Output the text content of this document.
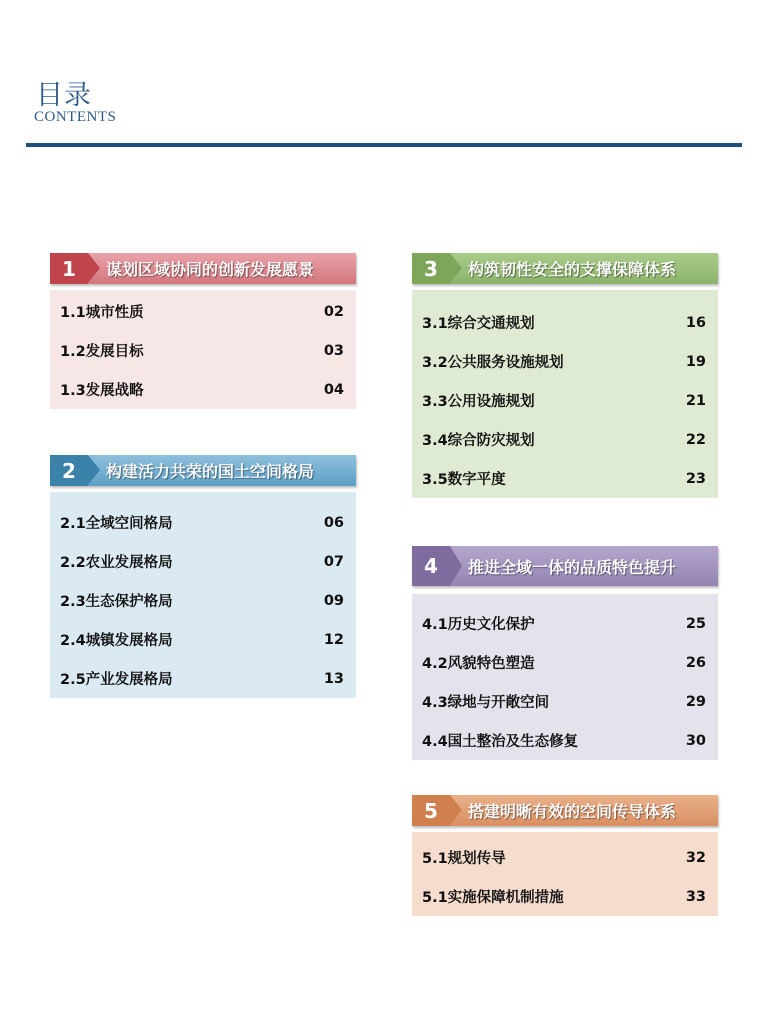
目录
CONTENTS
1	谋划区域协同的创新发展愿景
1.1城市性质	02
1.2发展目标	03
1.3发展战略	04
2	构建活力共荣的国土空间格局
2.1全域空间格局	06
2.2农业发展格局	07
2.3生态保护格局	09
2.4城镇发展格局	12
2.5产业发展格局	13
3	构筑韧性安全的支撑保障体系
3.1综合交通规划	16
3.2公共服务设施规划	19
3.3公用设施规划	21
3.4综合防灾规划	22
3.5数字平度	23
4	推进全域一体的品质特色提升
4.1历史文化保护	25
4.2风貌特色塑造	26
4.3绿地与开敞空间	29
4.4国土整治及生态修复	30
5	搭建明晰有效的空间传导体系
5.1规划传导	32
5.1实施保障机制措施	33
